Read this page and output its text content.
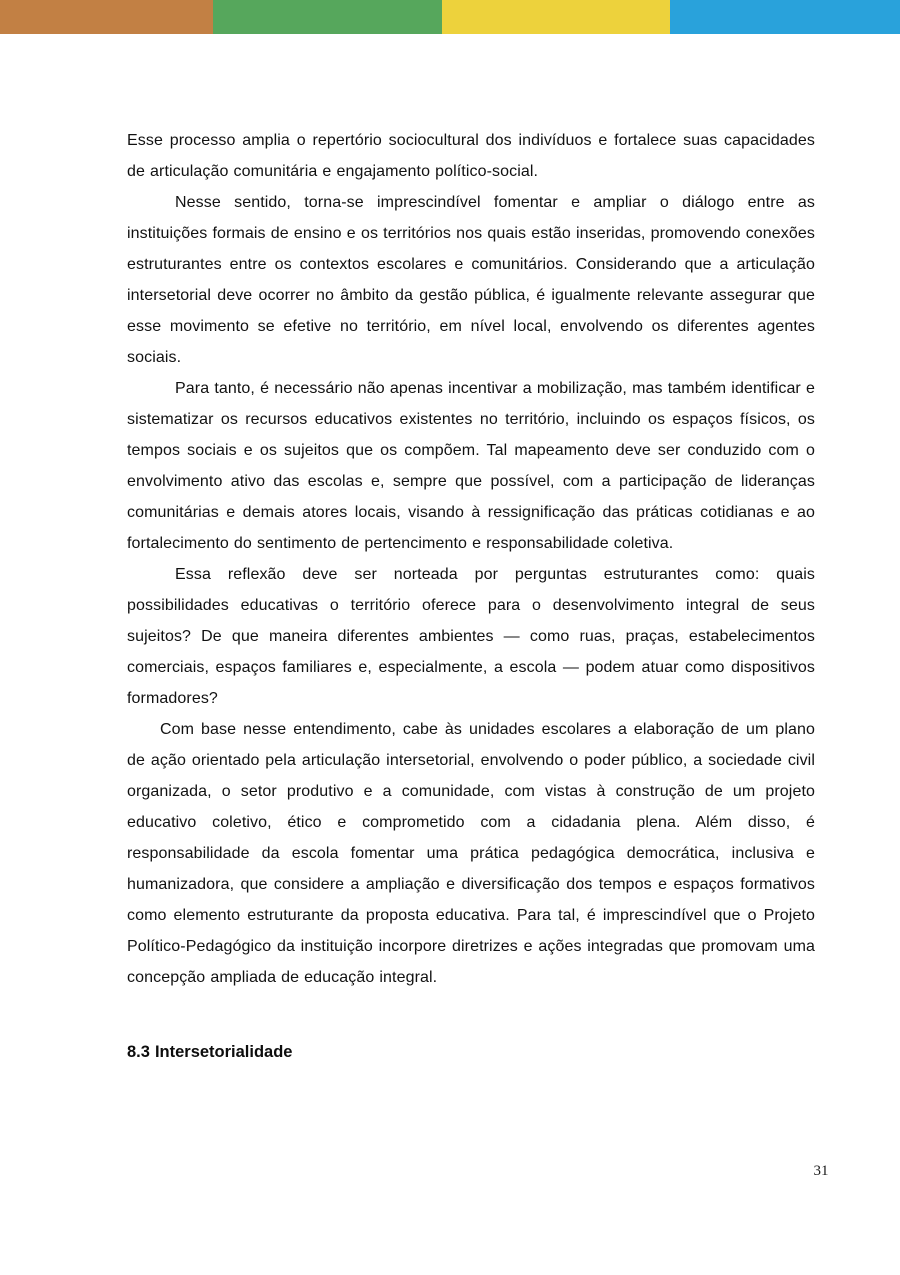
Esse processo amplia o repertório sociocultural dos indivíduos e fortalece suas capacidades de articulação comunitária e engajamento político-social.

Nesse sentido, torna-se imprescindível fomentar e ampliar o diálogo entre as instituições formais de ensino e os territórios nos quais estão inseridas, promovendo conexões estruturantes entre os contextos escolares e comunitários. Considerando que a articulação intersetorial deve ocorrer no âmbito da gestão pública, é igualmente relevante assegurar que esse movimento se efetive no território, em nível local, envolvendo os diferentes agentes sociais.

Para tanto, é necessário não apenas incentivar a mobilização, mas também identificar e sistematizar os recursos educativos existentes no território, incluindo os espaços físicos, os tempos sociais e os sujeitos que os compõem. Tal mapeamento deve ser conduzido com o envolvimento ativo das escolas e, sempre que possível, com a participação de lideranças comunitárias e demais atores locais, visando à ressignificação das práticas cotidianas e ao fortalecimento do sentimento de pertencimento e responsabilidade coletiva.

Essa reflexão deve ser norteada por perguntas estruturantes como: quais possibilidades educativas o território oferece para o desenvolvimento integral de seus sujeitos? De que maneira diferentes ambientes — como ruas, praças, estabelecimentos comerciais, espaços familiares e, especialmente, a escola — podem atuar como dispositivos formadores?

Com base nesse entendimento, cabe às unidades escolares a elaboração de um plano de ação orientado pela articulação intersetorial, envolvendo o poder público, a sociedade civil organizada, o setor produtivo e a comunidade, com vistas à construção de um projeto educativo coletivo, ético e comprometido com a cidadania plena. Além disso, é responsabilidade da escola fomentar uma prática pedagógica democrática, inclusiva e humanizadora, que considere a ampliação e diversificação dos tempos e espaços formativos como elemento estruturante da proposta educativa. Para tal, é imprescindível que o Projeto Político-Pedagógico da instituição incorpore diretrizes e ações integradas que promovam uma concepção ampliada de educação integral.

8.3 Intersetorialidade
31
